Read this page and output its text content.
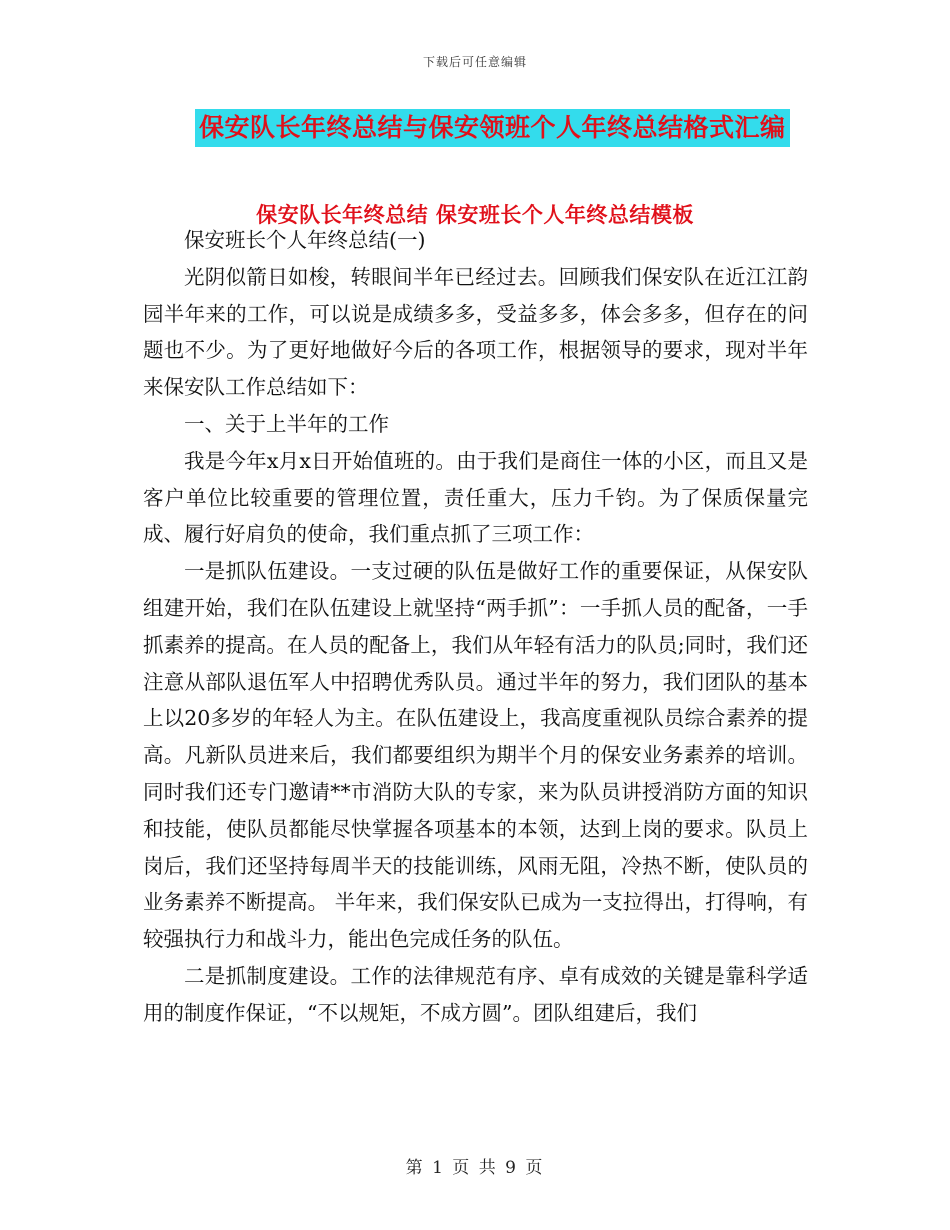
下载后可任意编辑
保安队长年终总结与保安领班个人年终总结格式汇编
保安队长年终总结 保安班长个人年终总结模板

保安班长个人年终总结(一)

光阴似箭日如梭，转眼间半年已经过去。回顾我们保安队在近江江韵园半年来的工作，可以说是成绩多多，受益多多，体会多多，但存在的问题也不少。为了更好地做好今后的各项工作，根据领导的要求，现对半年来保安队工作总结如下：

一、关于上半年的工作

我是今年x月x日开始值班的。由于我们是商住一体的小区，而且又是客户单位比较重要的管理位置，责任重大，压力千钧。为了保质保量完成、履行好肩负的使命，我们重点抓了三项工作：

一是抓队伍建设。一支过硬的队伍是做好工作的重要保证，从保安队组建开始，我们在队伍建设上就坚持“两手抓”：一手抓人员的配备，一手抓素养的提高。在人员的配备上，我们从年轻有活力的队员;同时，我们还注意从部队退伍军人中招聘优秀队员。通过半年的努力，我们团队的基本上以20多岁的年轻人为主。在队伍建设上，我高度重视队员综合素养的提高。凡新队员进来后，我们都要组织为期半个月的保安业务素养的培训。同时我们还专门邀请**市消防大队的专家，来为队员讲授消防方面的知识和技能，使队员都能尽快掌握各项基本的本领，达到上岗的要求。队员上岗后，我们还坚持每周半天的技能训练，风雨无阻，冷热不断，使队员的业务素养不断提高。 半年来，我们保安队已成为一支拉得出，打得响，有较强执行力和战斗力，能出色完成任务的队伍。

二是抓制度建设。工作的法律规范有序、卓有成效的关键是靠科学适用的制度作保证，“不以规矩，不成方圆”。团队组建后，我们

第 1 页 共 9 页
